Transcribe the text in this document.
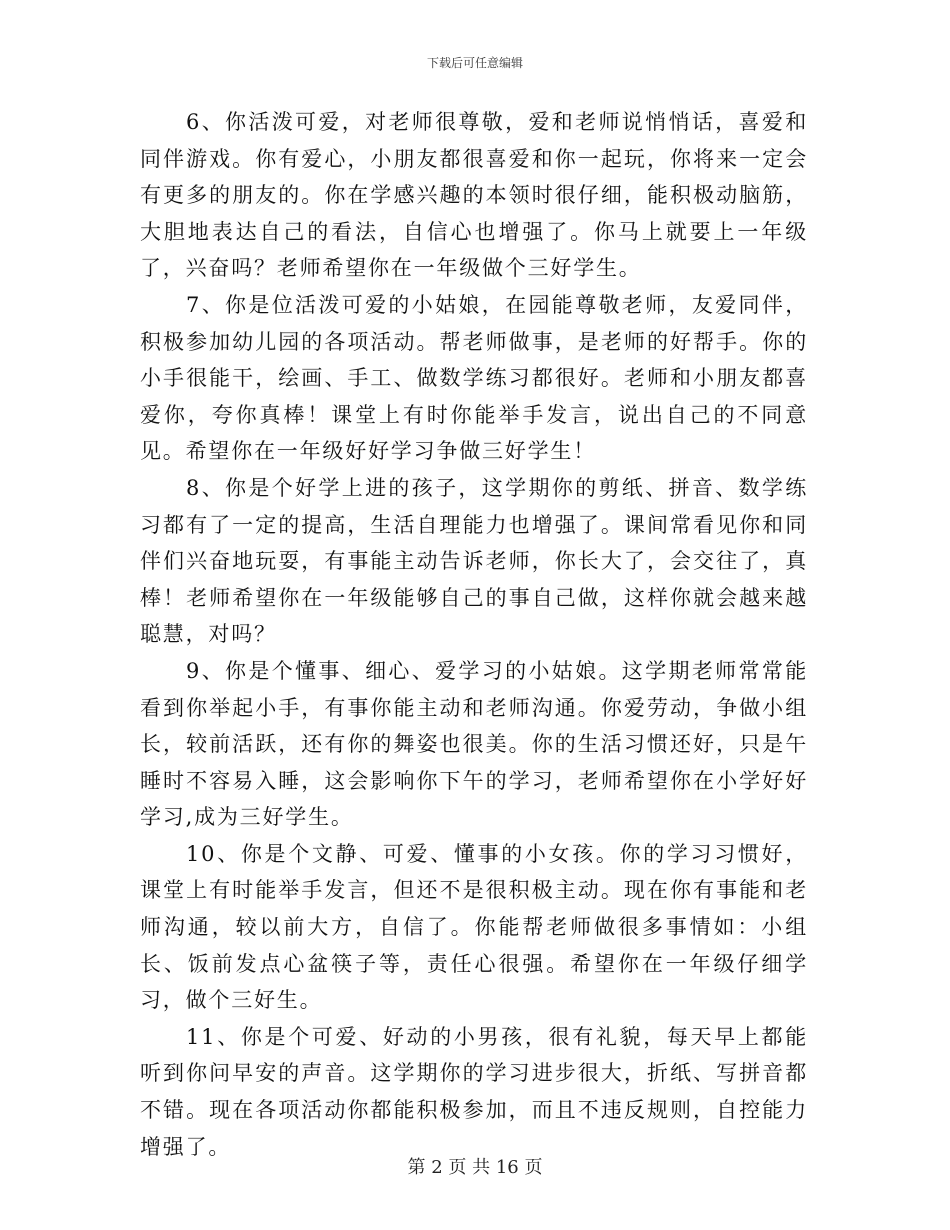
下载后可任意编辑

6、你活泼可爱，对老师很尊敬，爱和老师说悄悄话，喜爱和同伴游戏。你有爱心，小朋友都很喜爱和你一起玩，你将来一定会有更多的朋友的。你在学感兴趣的本领时很仔细，能积极动脑筋，大胆地表达自己的看法，自信心也增强了。你马上就要上一年级了，兴奋吗？老师希望你在一年级做个三好学生。

7、你是位活泼可爱的小姑娘，在园能尊敬老师，友爱同伴，积极参加幼儿园的各项活动。帮老师做事，是老师的好帮手。你的小手很能干，绘画、手工、做数学练习都很好。老师和小朋友都喜爱你，夸你真棒！课堂上有时你能举手发言，说出自己的不同意见。希望你在一年级好好学习争做三好学生！

8、你是个好学上进的孩子，这学期你的剪纸、拼音、数学练习都有了一定的提高，生活自理能力也增强了。课间常看见你和同伴们兴奋地玩耍，有事能主动告诉老师，你长大了，会交往了，真棒！老师希望你在一年级能够自己的事自己做，这样你就会越来越聪慧，对吗？

9、你是个懂事、细心、爱学习的小姑娘。这学期老师常常能看到你举起小手，有事你能主动和老师沟通。你爱劳动，争做小组长，较前活跃，还有你的舞姿也很美。你的生活习惯还好，只是午睡时不容易入睡，这会影响你下午的学习，老师希望你在小学好好学习,成为三好学生。

10、你是个文静、可爱、懂事的小女孩。你的学习习惯好，课堂上有时能举手发言，但还不是很积极主动。现在你有事能和老师沟通，较以前大方，自信了。你能帮老师做很多事情如：小组长、饭前发点心盆筷子等，责任心很强。希望你在一年级仔细学习，做个三好生。

11、你是个可爱、好动的小男孩，很有礼貌，每天早上都能听到你问早安的声音。这学期你的学习进步很大，折纸、写拼音都不错。现在各项活动你都能积极参加，而且不违反规则，自控能力增强了。

第 2 页 共 16 页
